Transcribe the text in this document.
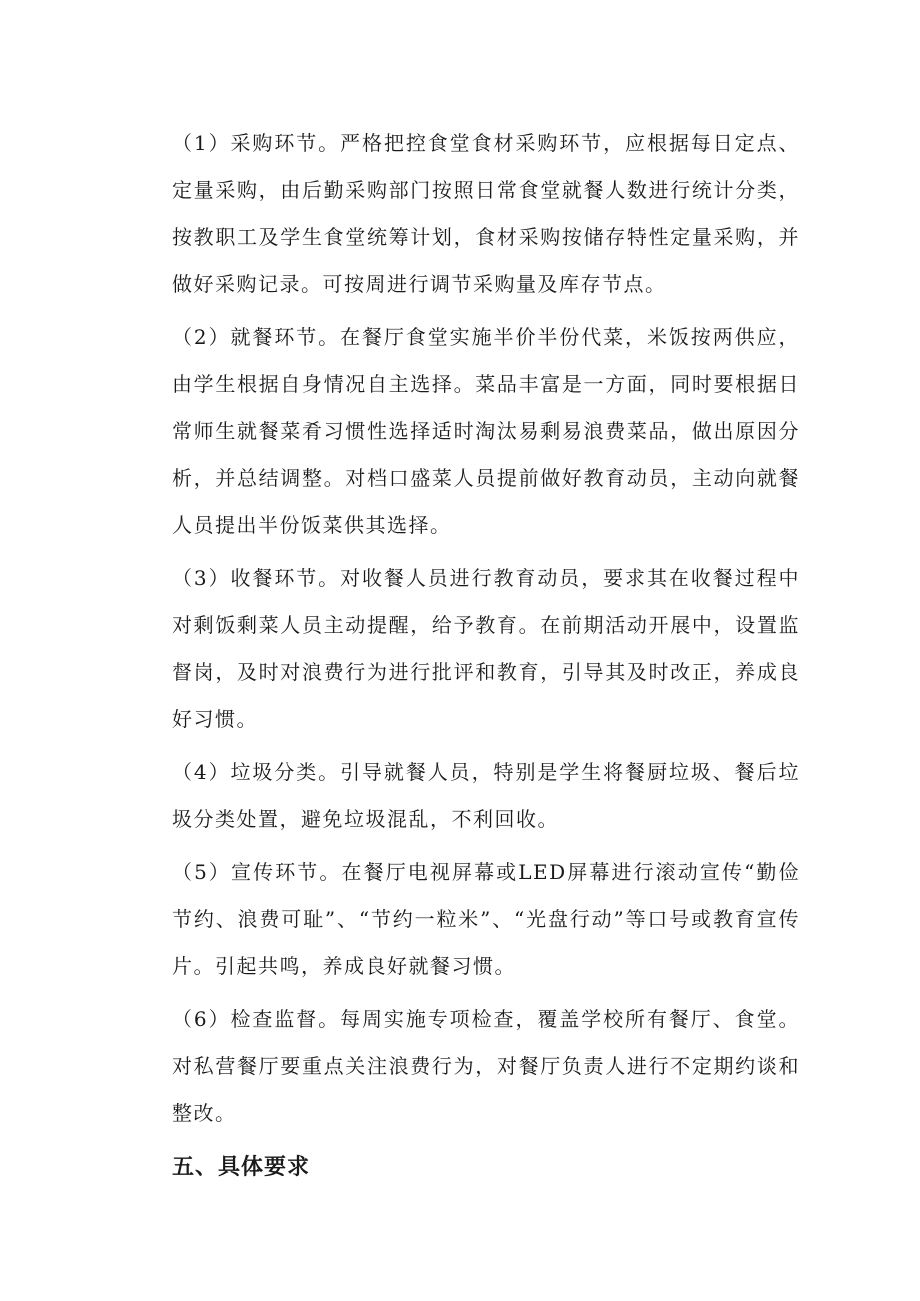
（1）采购环节。严格把控食堂食材采购环节，应根据每日定点、定量采购，由后勤采购部门按照日常食堂就餐人数进行统计分类，按教职工及学生食堂统筹计划，食材采购按储存特性定量采购，并做好采购记录。可按周进行调节采购量及库存节点。

（2）就餐环节。在餐厅食堂实施半价半份代菜，米饭按两供应，由学生根据自身情况自主选择。菜品丰富是一方面，同时要根据日常师生就餐菜肴习惯性选择适时淘汰易剩易浪费菜品，做出原因分析，并总结调整。对档口盛菜人员提前做好教育动员，主动向就餐人员提出半份饭菜供其选择。

（3）收餐环节。对收餐人员进行教育动员，要求其在收餐过程中对剩饭剩菜人员主动提醒，给予教育。在前期活动开展中，设置监督岗，及时对浪费行为进行批评和教育，引导其及时改正，养成良好习惯。

（4）垃圾分类。引导就餐人员，特别是学生将餐厨垃圾、餐后垃圾分类处置，避免垃圾混乱，不利回收。

（5）宣传环节。在餐厅电视屏幕或LED屏幕进行滚动宣传“勤俭节约、浪费可耻”、“节约一粒米”、“光盘行动”等口号或教育宣传片。引起共鸣，养成良好就餐习惯。

（6）检查监督。每周实施专项检查，覆盖学校所有餐厅、食堂。对私营餐厅要重点关注浪费行为，对餐厅负责人进行不定期约谈和整改。

五、具体要求
